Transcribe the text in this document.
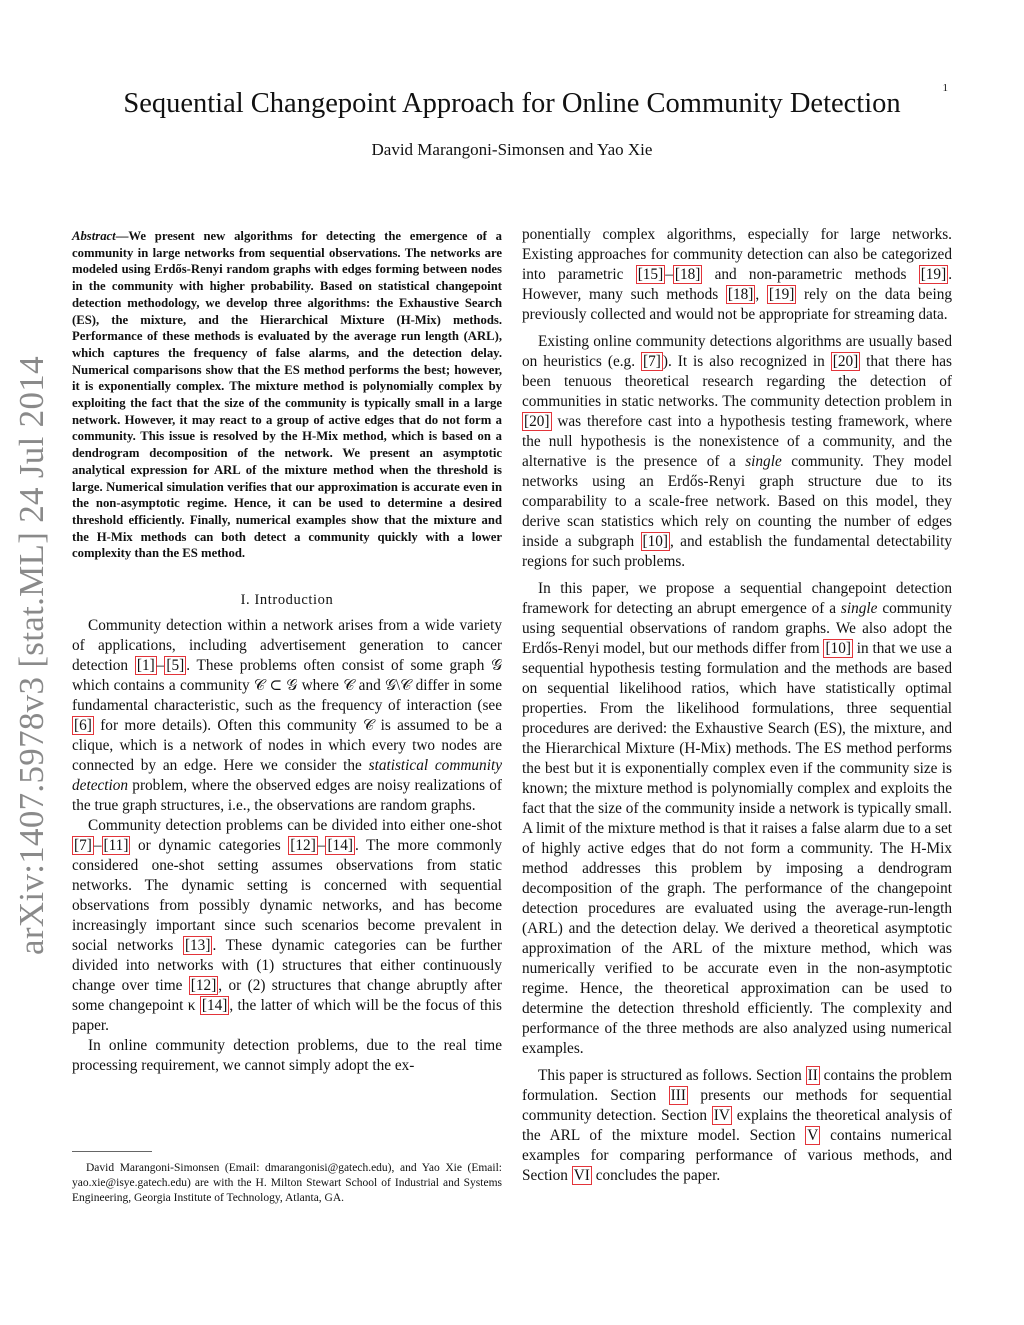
1
arXiv:1407.5978v3 [stat.ML] 24 Jul 2014
Sequential Changepoint Approach for Online Community Detection
David Marangoni-Simonsen and Yao Xie

Abstract—We present new algorithms for detecting the emergence of a community in large networks from sequential observations. The networks are modeled using Erdős-Renyi random graphs with edges forming between nodes in the community with higher probability. Based on statistical changepoint detection methodology, we develop three algorithms: the Exhaustive Search (ES), the mixture, and the Hierarchical Mixture (H-Mix) methods. Performance of these methods is evaluated by the average run length (ARL), which captures the frequency of false alarms, and the detection delay. Numerical comparisons show that the ES method performs the best; however, it is exponentially complex. The mixture method is polynomially complex by exploiting the fact that the size of the community is typically small in a large network. However, it may react to a group of active edges that do not form a community. This issue is resolved by the H-Mix method, which is based on a dendrogram decomposition of the network. We present an asymptotic analytical expression for ARL of the mixture method when the threshold is large. Numerical simulation verifies that our approximation is accurate even in the non-asymptotic regime. Hence, it can be used to determine a desired threshold efficiently. Finally, numerical examples show that the mixture and the H-Mix methods can both detect a community quickly with a lower complexity than the ES method.

I. Introduction

Community detection within a network arises from a wide variety of applications, including advertisement generation to cancer detection [1] – [5] . These problems often consist of some graph 𝒢 which contains a community 𝒞 ⊂ 𝒢 where 𝒞 and 𝒢\𝒞 differ in some fundamental characteristic, such as the frequency of interaction (see [6] for more details). Often this community 𝒞 is assumed to be a clique, which is a network of nodes in which every two nodes are connected by an edge. Here we consider the statistical community detection problem, where the observed edges are noisy realizations of the true graph structures, i.e., the observations are random graphs.

Community detection problems can be divided into either one-shot [7] – [11] or dynamic categories [12] – [14] . The more commonly considered one-shot setting assumes observations from static networks. The dynamic setting is concerned with sequential observations from possibly dynamic networks, and has become increasingly important since such scenarios become prevalent in social networks [13] . These dynamic categories can be further divided into networks with (1) structures that either continuously change over time [12] , or (2) structures that change abruptly after some changepoint κ [14] , the latter of which will be the focus of this paper.

In online community detection problems, due to the real time processing requirement, we cannot simply adopt the ex-

David Marangoni-Simonsen (Email: dmarangonisi@gatech.edu), and Yao Xie (Email: yao.xie@isye.gatech.edu) are with the H. Milton Stewart School of Industrial and Systems Engineering, Georgia Institute of Technology, Atlanta, GA.

ponentially complex algorithms, especially for large networks. Existing approaches for community detection can also be categorized into parametric [15] – [18] and non-parametric methods [19] . However, many such methods [18] , [19] rely on the data being previously collected and would not be appropriate for streaming data.

Existing online community detections algorithms are usually based on heuristics (e.g. [7] ). It is also recognized in [20] that there has been tenuous theoretical research regarding the detection of communities in static networks. The community detection problem in [20] was therefore cast into a hypothesis testing framework, where the null hypothesis is the nonexistence of a community, and the alternative is the presence of a single community. They model networks using an Erdős-Renyi graph structure due to its comparability to a scale-free network. Based on this model, they derive scan statistics which rely on counting the number of edges inside a subgraph [10] , and establish the fundamental detectability regions for such problems.

In this paper, we propose a sequential changepoint detection framework for detecting an abrupt emergence of a single community using sequential observations of random graphs. We also adopt the Erdős-Renyi model, but our methods differ from [10] in that we use a sequential hypothesis testing formulation and the methods are based on sequential likelihood ratios, which have statistically optimal properties. From the likelihood formulations, three sequential procedures are derived: the Exhaustive Search (ES), the mixture, and the Hierarchical Mixture (H-Mix) methods. The ES method performs the best but it is exponentially complex even if the community size is known; the mixture method is polynomially complex and exploits the fact that the size of the community inside a network is typically small. A limit of the mixture method is that it raises a false alarm due to a set of highly active edges that do not form a community. The H-Mix method addresses this problem by imposing a dendrogram decomposition of the graph. The performance of the changepoint detection procedures are evaluated using the average-run-length (ARL) and the detection delay. We derived a theoretical asymptotic approximation of the ARL of the mixture method, which was numerically verified to be accurate even in the non-asymptotic regime. Hence, the theoretical approximation can be used to determine the detection threshold efficiently. The complexity and performance of the three methods are also analyzed using numerical examples.

This paper is structured as follows. Section II contains the problem formulation. Section III presents our methods for sequential community detection. Section IV explains the theoretical analysis of the ARL of the mixture model. Section V contains numerical examples for comparing performance of various methods, and Section VI concludes the paper.
